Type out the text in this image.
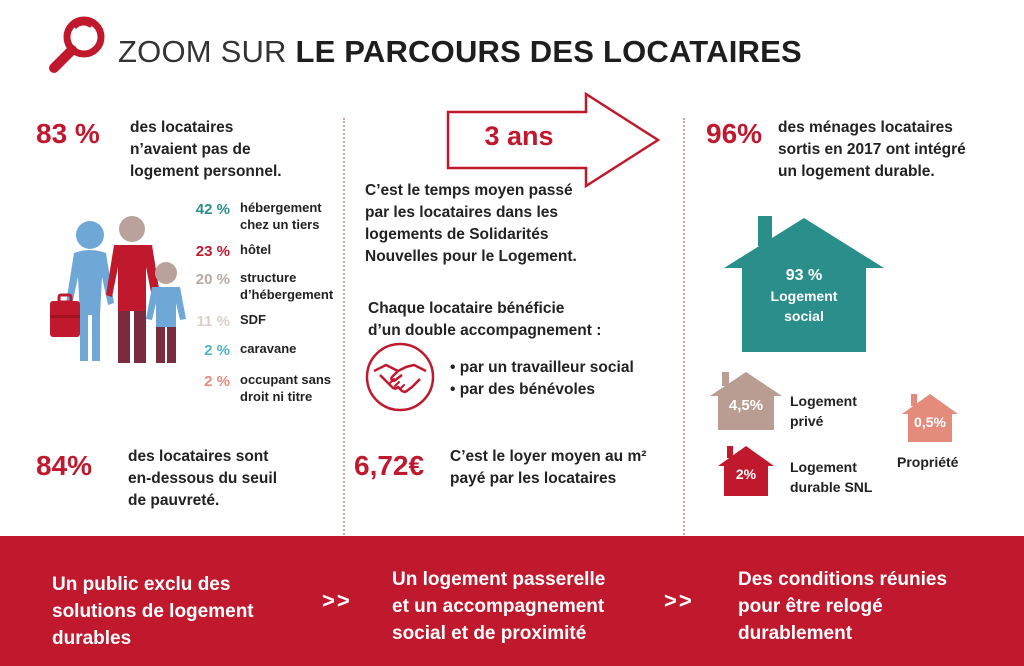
ZOOM SUR LE PARCOURS DES LOCATAIRES
83 % des locataires
n’avaient pas de
logement personnel.
42 % hébergement
chez un tiers
23 % hôtel
20 % structure
d’hébergement
11 % SDF
2 % caravane
2 % occupant sans
droit ni titre
84% des locataires sont
en-dessous du seuil
de pauvreté.
3 ans
C’est le temps moyen passé
par les locataires dans les
logements de Solidarités
Nouvelles pour le Logement.
Chaque locataire bénéficie
d’un double accompagnement :
• par un travailleur social
• par des bénévoles
6,72€ C’est le loyer moyen au m²
payé par les locataires
96% des ménages locataires
sortis en 2017 ont intégré
un logement durable.
93 %
Logement
social
4,5%	Logement
privé
2%	Logement
durable SNL
0,5%
Propriété
Un public exclu des
solutions de logement
durables
>>
Un logement passerelle
et un accompagnement
social et de proximité
>>
Des conditions réunies
pour être relogé
durablement
